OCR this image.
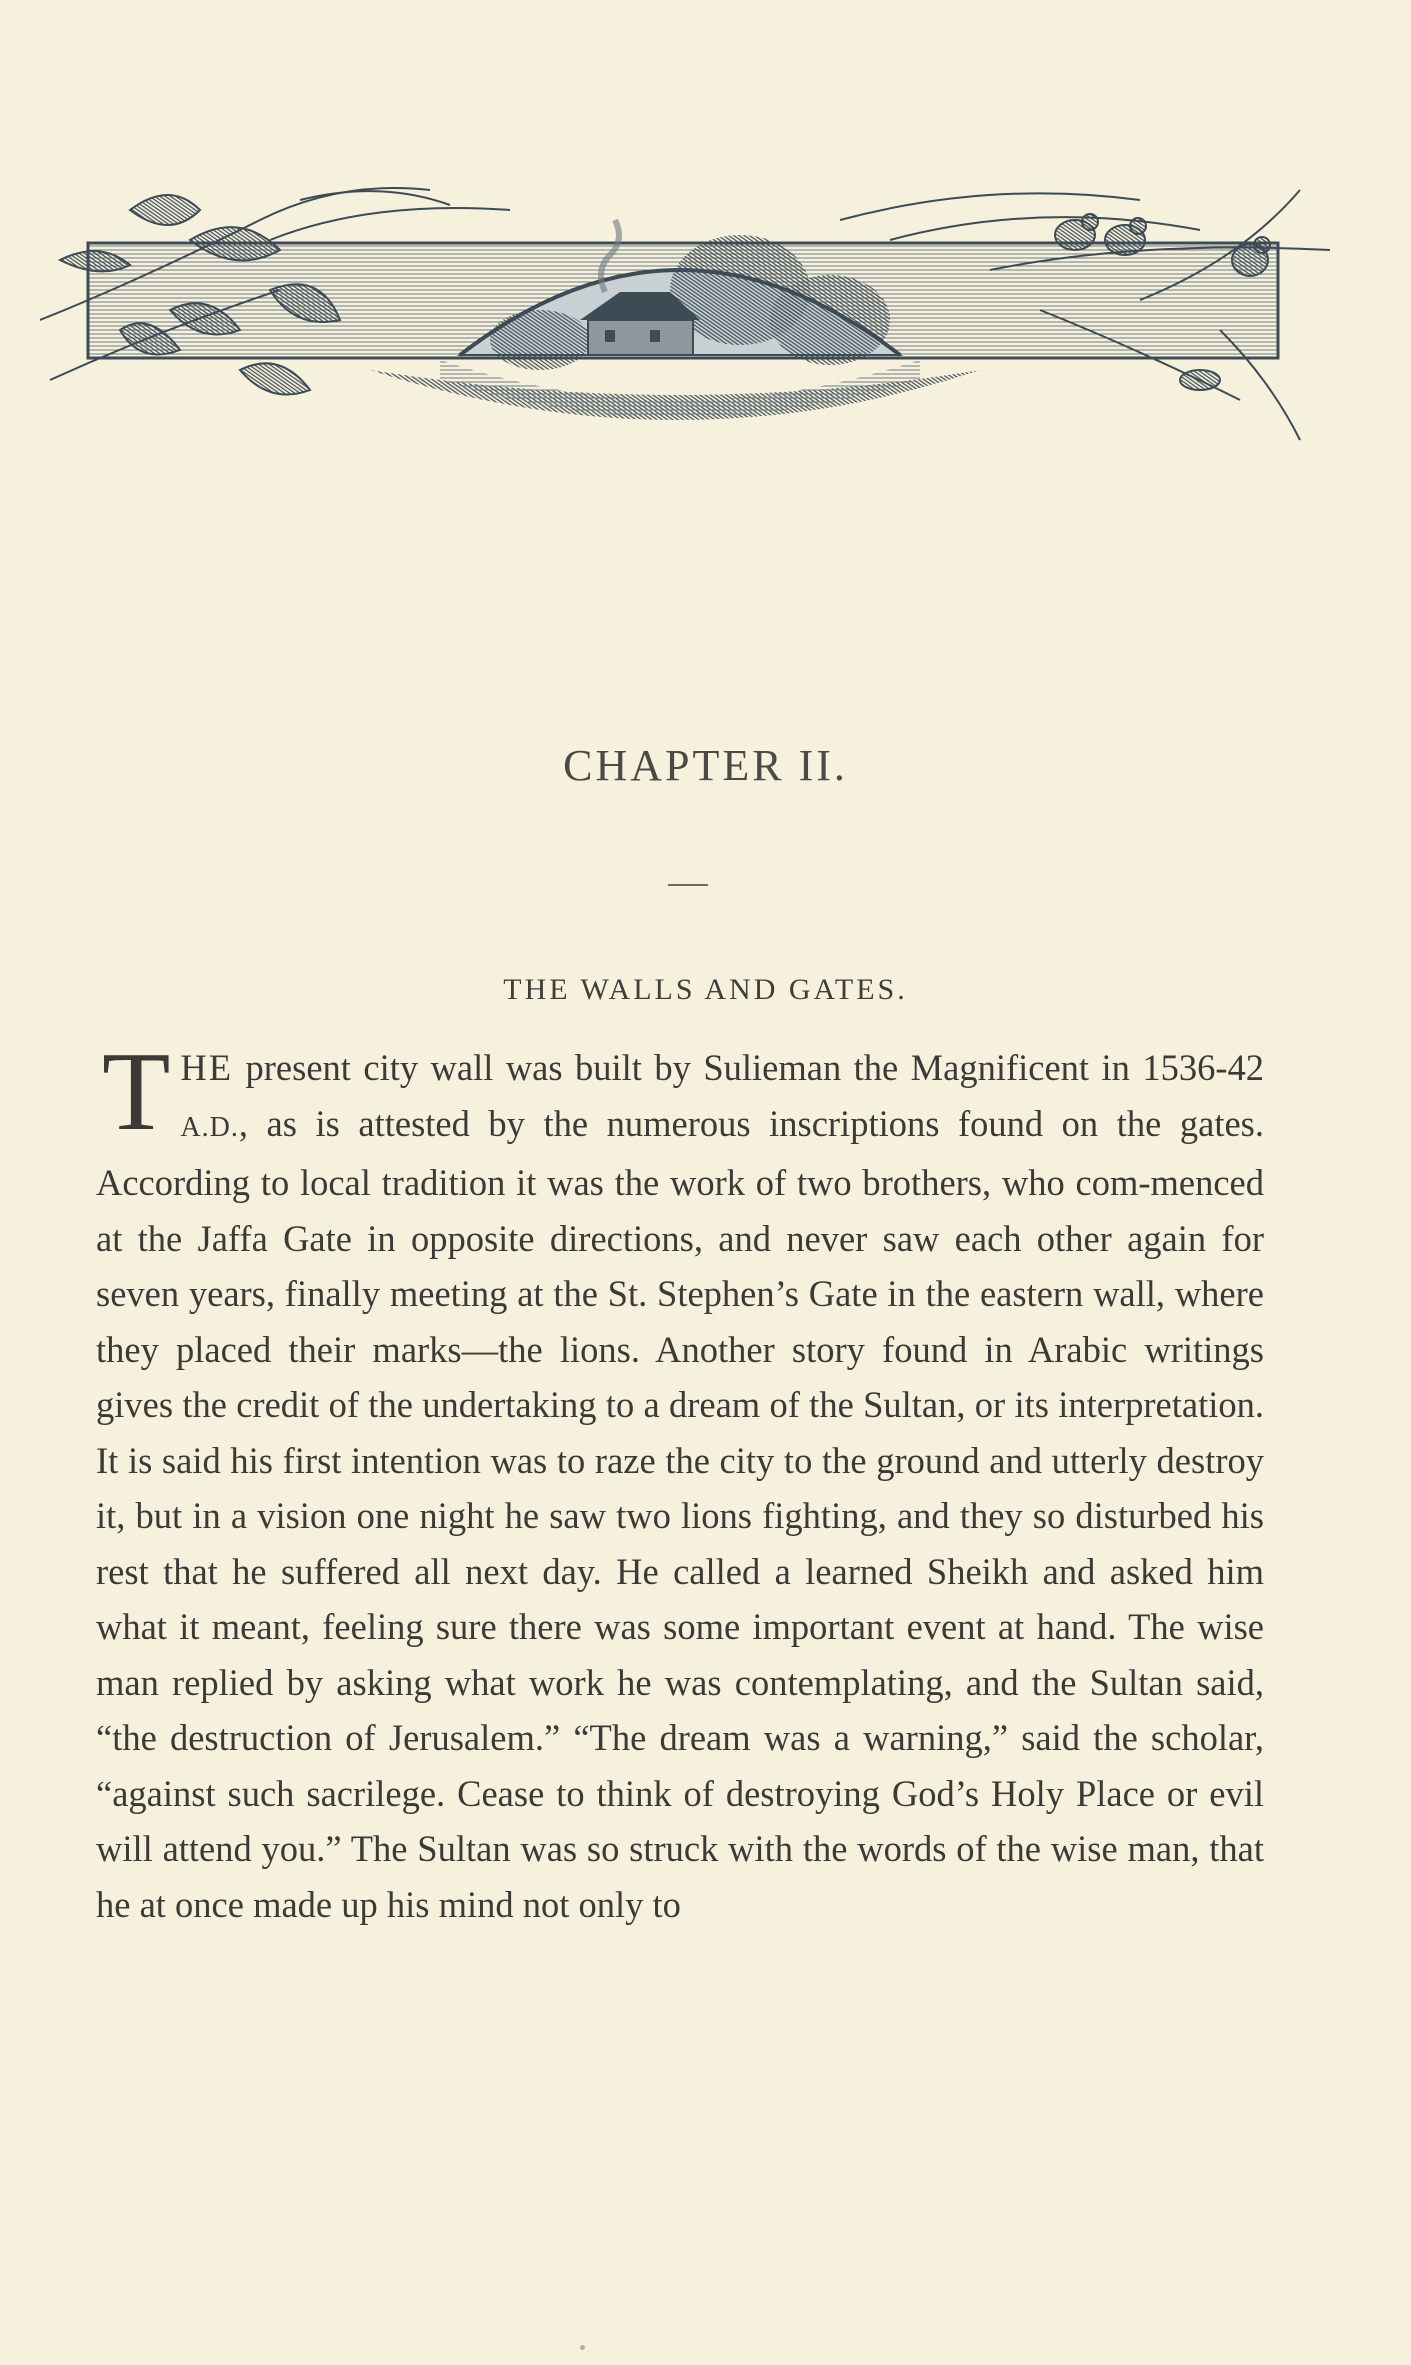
CHAPTER II.
THE WALLS AND GATES.

THE present city wall was built by Sulieman the Magnificent in 1536-42 A.D., as is attested by the numerous inscriptions found on the gates. According to local tradition it was the work of two brothers, who com-menced at the Jaffa Gate in opposite directions, and never saw each other again for seven years, finally meeting at the St. Stephen’s Gate in the eastern wall, where they placed their marks—the lions. Another story found in Arabic writings gives the credit of the undertaking to a dream of the Sultan, or its interpretation. It is said his first intention was to raze the city to the ground and utterly destroy it, but in a vision one night he saw two lions fighting, and they so disturbed his rest that he suffered all next day. He called a learned Sheikh and asked him what it meant, feeling sure there was some important event at hand. The wise man replied by asking what work he was contemplating, and the Sultan said, “the destruction of Jerusalem.” “The dream was a warning,” said the scholar, “against such sacrilege. Cease to think of destroying God’s Holy Place or evil will attend you.” The Sultan was so struck with the words of the wise man, that he at once made up his mind not only to
